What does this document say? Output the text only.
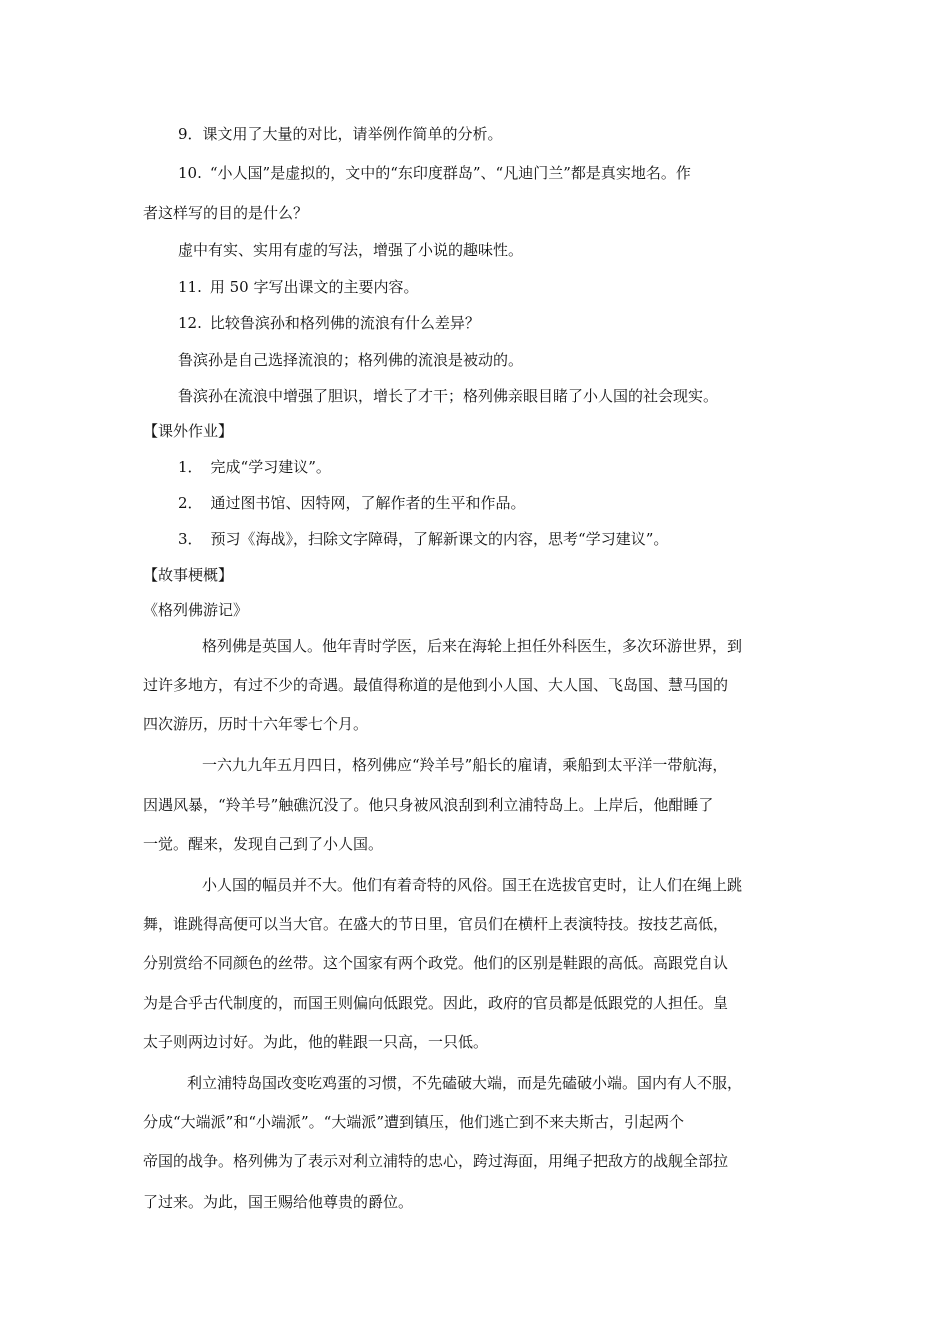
9．课文用了大量的对比，请举例作简单的分析。

10. “小人国”是虚拟的，文中的“东印度群岛”、“凡迪门兰”都是真实地名。作

者这样写的目的是什么？

虚中有实、实用有虚的写法，增强了小说的趣味性。

11. 用 50 字写出课文的主要内容。

12. 比较鲁滨孙和格列佛的流浪有什么差异？

鲁滨孙是自己选择流浪的；格列佛的流浪是被动的。

鲁滨孙在流浪中增强了胆识，增长了才干；格列佛亲眼目睹了小人国的社会现实。

【课外作业】

1． 完成“学习建议”。

2． 通过图书馆、因特网，了解作者的生平和作品。

3． 预习《海战》，扫除文字障碍，了解新课文的内容，思考“学习建议”。

【故事梗概】

《格列佛游记》

格列佛是英国人。他年青时学医，后来在海轮上担任外科医生，多次环游世界，到

过许多地方，有过不少的奇遇。最值得称道的是他到小人国、大人国、飞岛国、慧马国的

四次游历，历时十六年零七个月。

一六九九年五月四日，格列佛应“羚羊号”船长的雇请，乘船到太平洋一带航海，

因遇风暴，“羚羊号”触礁沉没了。他只身被风浪刮到利立浦特岛上。上岸后，他酣睡了

一觉。醒来，发现自己到了小人国。

小人国的幅员并不大。他们有着奇特的风俗。国王在选拔官吏时，让人们在绳上跳

舞，谁跳得高便可以当大官。在盛大的节日里，官员们在横杆上表演特技。按技艺高低，

分别赏给不同颜色的丝带。这个国家有两个政党。他们的区别是鞋跟的高低。高跟党自认

为是合乎古代制度的，而国王则偏向低跟党。因此，政府的官员都是低跟党的人担任。皇

太子则两边讨好。为此，他的鞋跟一只高，一只低。

利立浦特岛国改变吃鸡蛋的习惯，不先磕破大端，而是先磕破小端。国内有人不服，

分成“大端派”和“小端派”。“大端派”遭到镇压，他们逃亡到不来夫斯古，引起两个

帝国的战争。格列佛为了表示对利立浦特的忠心，跨过海面，用绳子把敌方的战舰全部拉

了过来。为此，国王赐给他尊贵的爵位。
